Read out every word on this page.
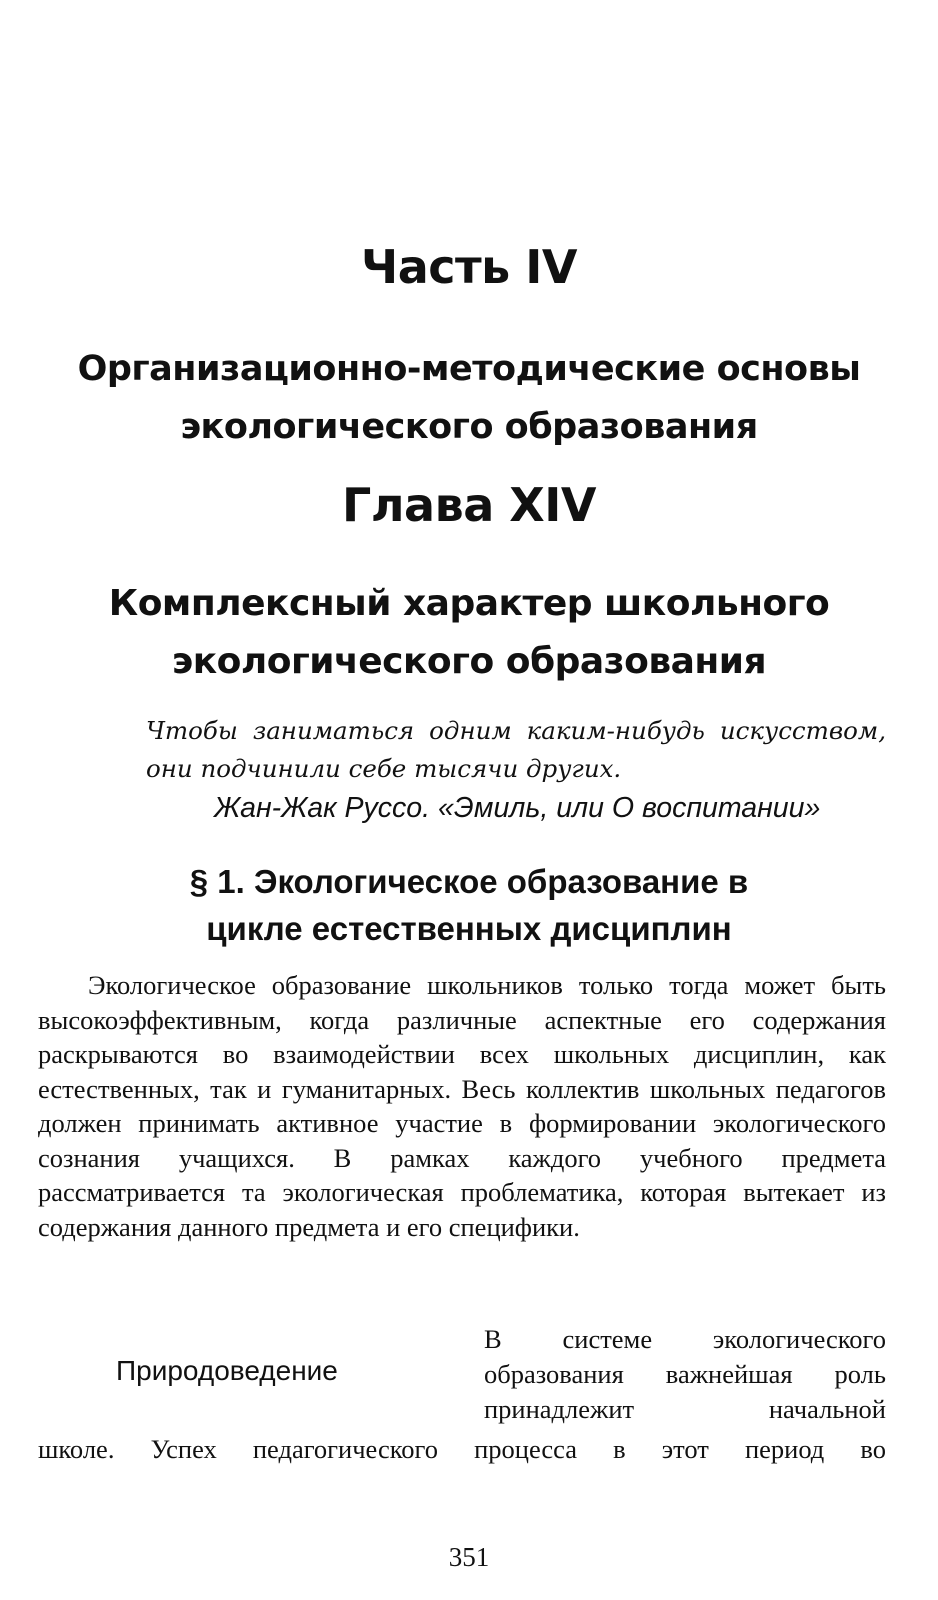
Часть IV
Организационно-методические основы экологического образования
Глава XIV
Комплексный характер школьного экологического образования

Чтобы заниматься одним каким-нибудь искусством, они подчинили себе тысячи других.

Жан-Жак Руссо. «Эмиль, или О воспитании»

§ 1. Экологическое образование в цикле естественных дисциплин

Экологическое образование школьников только тогда может быть высокоэффективным, когда различные аспектные его содержания раскрываются во взаимодействии всех школьных дисциплин, как естественных, так и гуманитарных. Весь коллектив школьных педагогов должен принимать активное участие в формировании экологического сознания учащихся. В рамках каждого учебного предмета рассматривается та экологическая проблематика, которая вытекает из содержания данного предмета и его специфики.

Природоведение

В системе экологического
образования важнейшая роль
принадлежит начальной

школе. Успех педагогического процесса в этот период во

351
